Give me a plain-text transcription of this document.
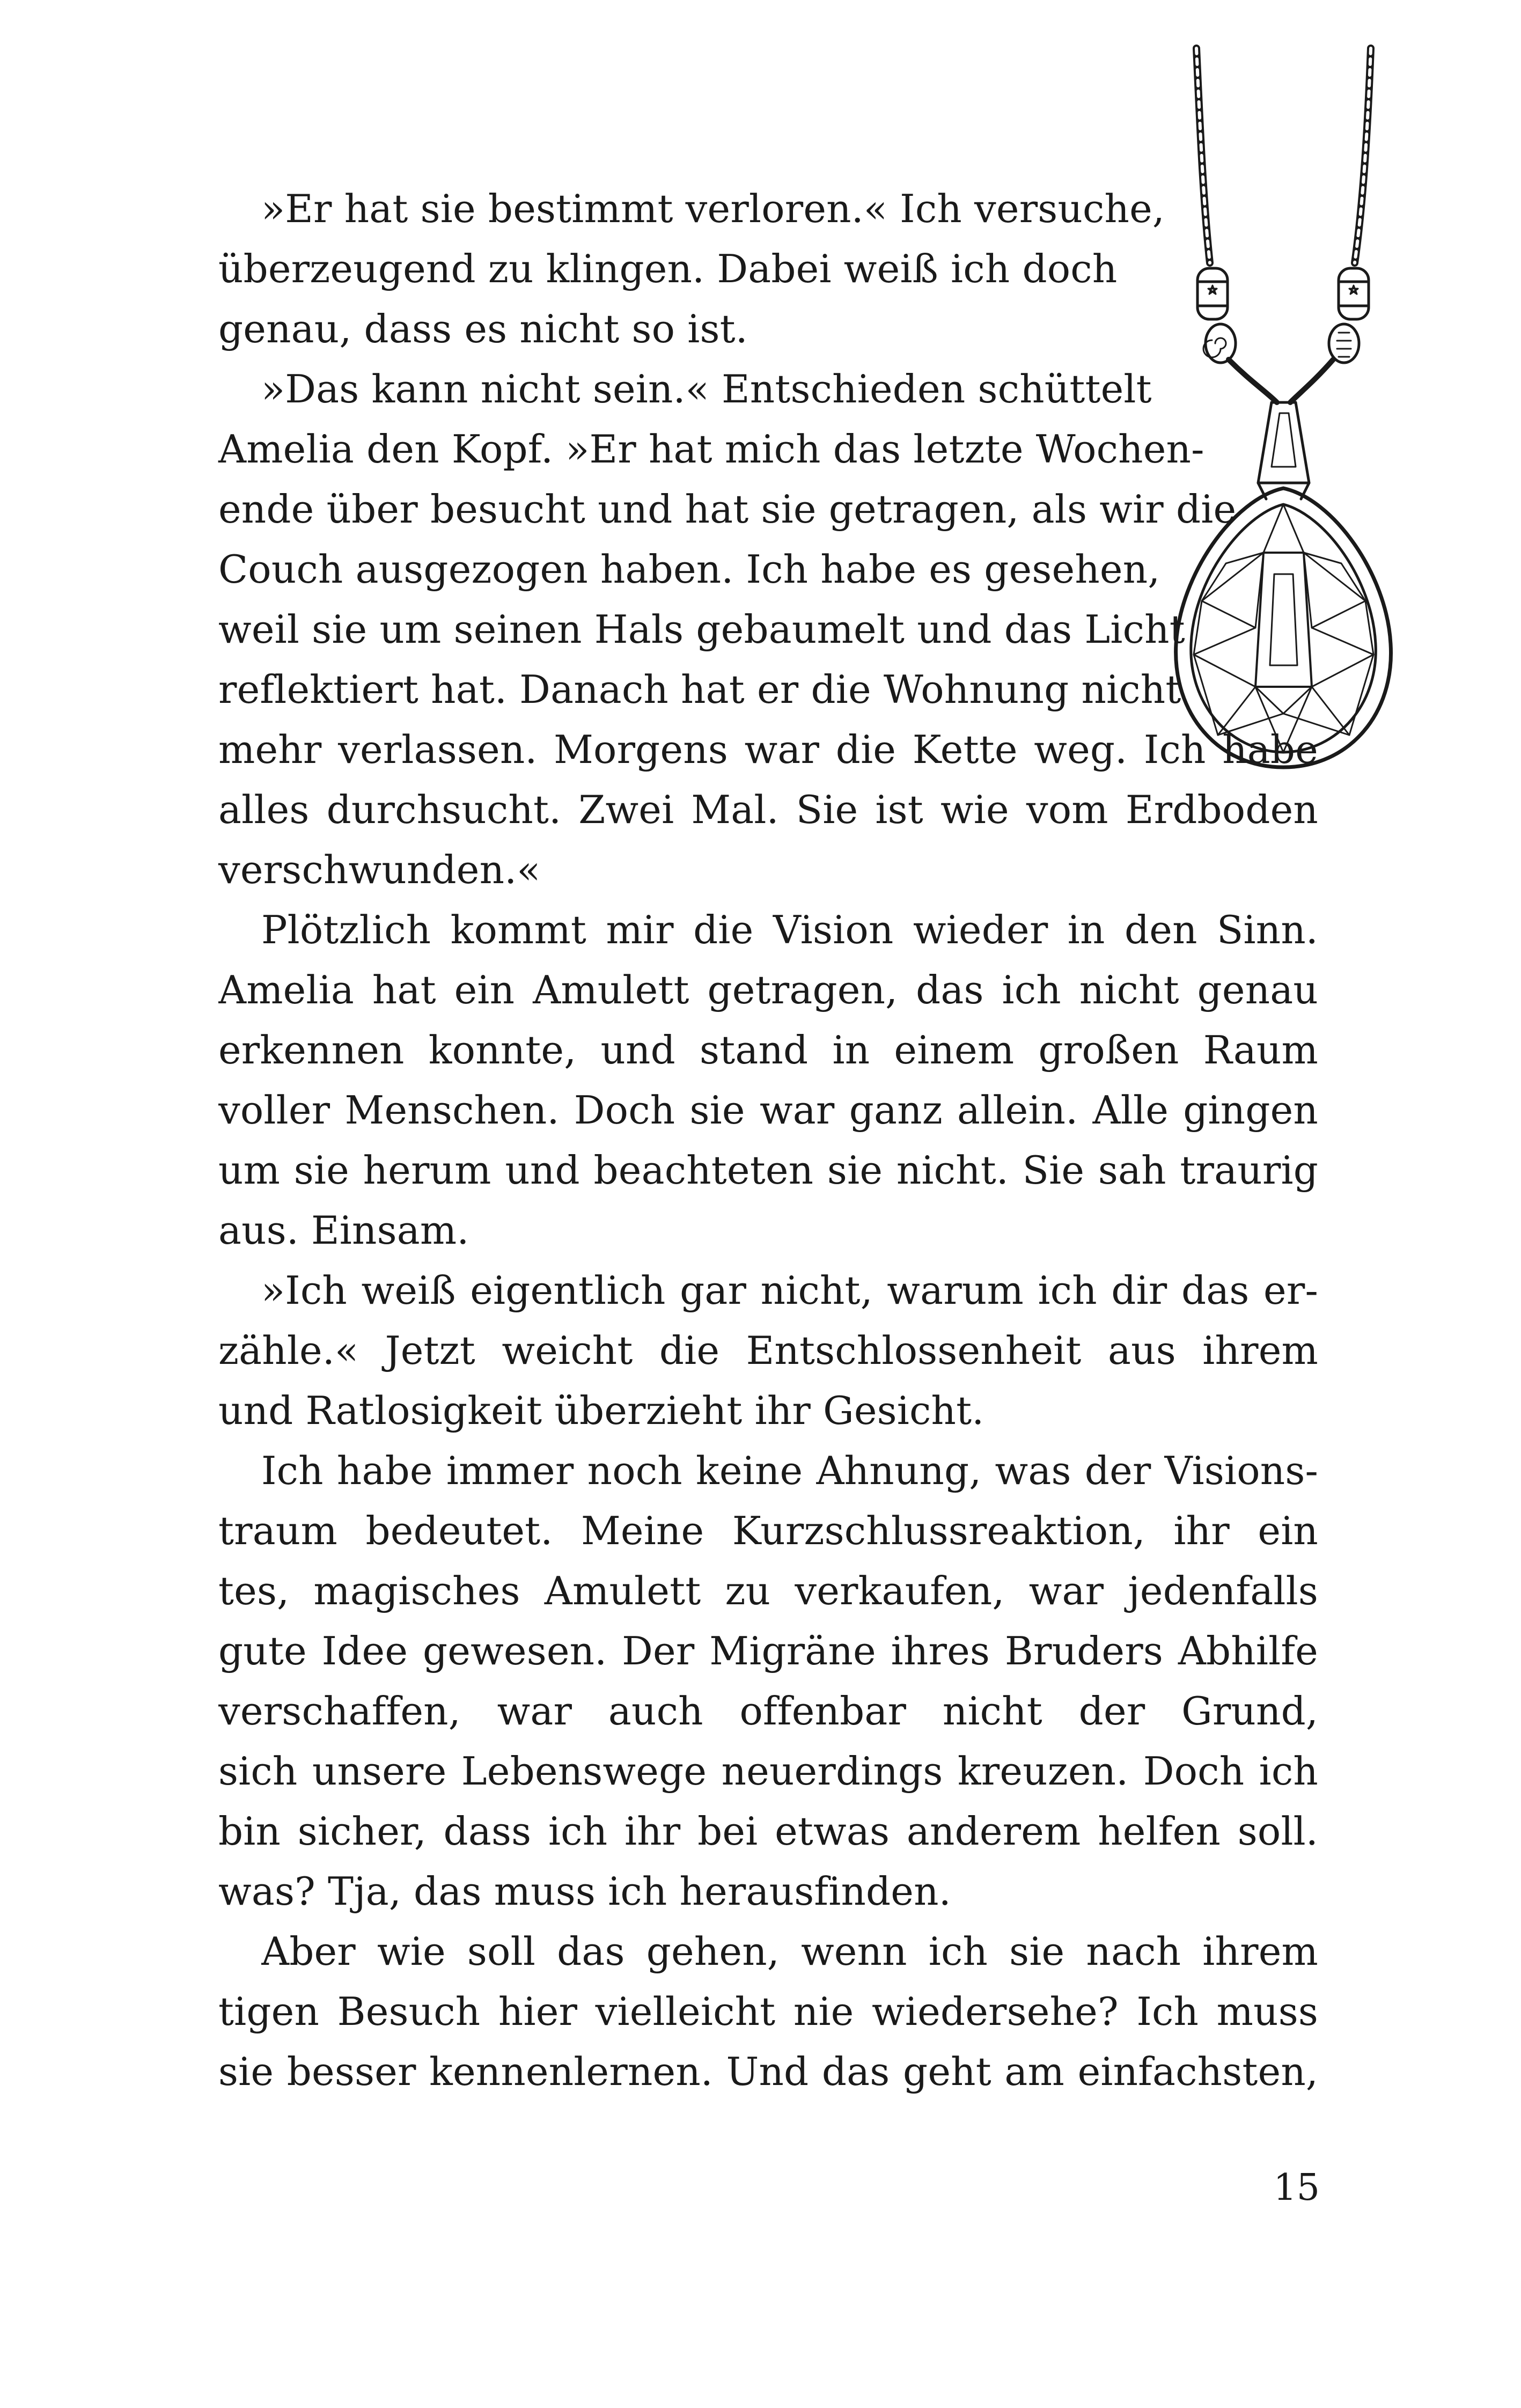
»Er hat sie bestimmt verloren.« Ich versuche,
überzeugend zu klingen. Dabei weiß ich doch
genau, dass es nicht so ist.
»Das kann nicht sein.« Entschieden schüttelt
Amelia den Kopf. »Er hat mich das letzte Wochen-
ende über besucht und hat sie getragen, als wir die
Couch ausgezogen haben. Ich habe es gesehen,
weil sie um seinen Hals gebaumelt und das Licht
reflektiert hat. Danach hat er die Wohnung nicht
mehr verlassen. Morgens war die Kette weg. Ich habe
alles durchsucht. Zwei Mal. Sie ist wie vom Erdboden
verschwunden.«
Plötzlich kommt mir die Vision wieder in den Sinn.
Amelia hat ein Amulett getragen, das ich nicht genau
erkennen konnte, und stand in einem großen Raum
voller Menschen. Doch sie war ganz allein. Alle gingen
um sie herum und beachteten sie nicht. Sie sah traurig
aus. Einsam.
»Ich weiß eigentlich gar nicht, warum ich dir das er-
zähle.« Jetzt weicht die Entschlossenheit aus ihrem
und Ratlosigkeit überzieht ihr Gesicht.
Ich habe immer noch keine Ahnung, was der Visions-
traum bedeutet. Meine Kurzschlussreaktion, ihr ein
tes, magisches Amulett zu verkaufen, war jedenfalls
gute Idee gewesen. Der Migräne ihres Bruders Abhilfe
verschaffen, war auch offenbar nicht der Grund,
sich unsere Lebenswege neuerdings kreuzen. Doch ich
bin sicher, dass ich ihr bei etwas anderem helfen soll.
was? Tja, das muss ich herausfinden.
Aber wie soll das gehen, wenn ich sie nach ihrem
tigen Besuch hier vielleicht nie wiedersehe? Ich muss
sie besser kennenlernen. Und das geht am einfachsten,
15
